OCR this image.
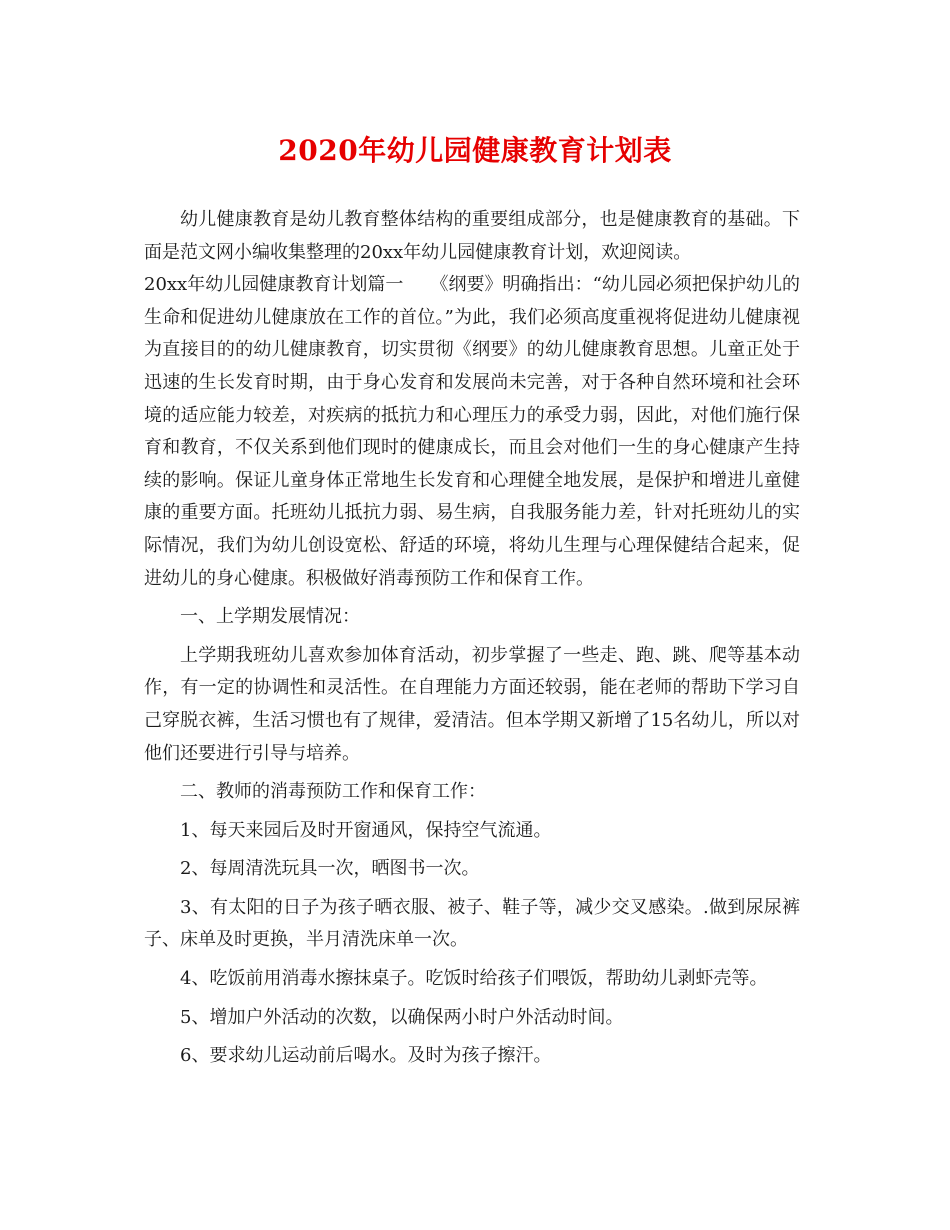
2020年幼儿园健康教育计划表

幼儿健康教育是幼儿教育整体结构的重要组成部分，也是健康教育的基础。下面是范文网小编收集整理的20xx年幼儿园健康教育计划，欢迎阅读。

20xx年幼儿园健康教育计划篇一　　《纲要》明确指出：“幼儿园必须把保护幼儿的生命和促进幼儿健康放在工作的首位。”为此，我们必须高度重视将促进幼儿健康视为直接目的的幼儿健康教育，切实贯彻《纲要》的幼儿健康教育思想。儿童正处于迅速的生长发育时期，由于身心发育和发展尚未完善，对于各种自然环境和社会环境的适应能力较差，对疾病的抵抗力和心理压力的承受力弱，因此，对他们施行保育和教育，不仅关系到他们现时的健康成长，而且会对他们一生的身心健康产生持续的影响。保证儿童身体正常地生长发育和心理健全地发展，是保护和增进儿童健康的重要方面。托班幼儿抵抗力弱、易生病，自我服务能力差，针对托班幼儿的实际情况，我们为幼儿创设宽松、舒适的环境，将幼儿生理与心理保健结合起来，促进幼儿的身心健康。积极做好消毒预防工作和保育工作。

一、上学期发展情况：

上学期我班幼儿喜欢参加体育活动，初步掌握了一些走、跑、跳、爬等基本动作，有一定的协调性和灵活性。在自理能力方面还较弱，能在老师的帮助下学习自己穿脱衣裤，生活习惯也有了规律，爱清洁。但本学期又新增了15名幼儿，所以对他们还要进行引导与培养。

二、教师的消毒预防工作和保育工作：

1、每天来园后及时开窗通风，保持空气流通。

2、每周清洗玩具一次，晒图书一次。

3、有太阳的日子为孩子晒衣服、被子、鞋子等，减少交叉感染。.做到尿尿裤子、床单及时更换，半月清洗床单一次。

4、吃饭前用消毒水擦抹桌子。吃饭时给孩子们喂饭，帮助幼儿剥虾壳等。

5、增加户外活动的次数，以确保两小时户外活动时间。

6、要求幼儿运动前后喝水。及时为孩子擦汗。
